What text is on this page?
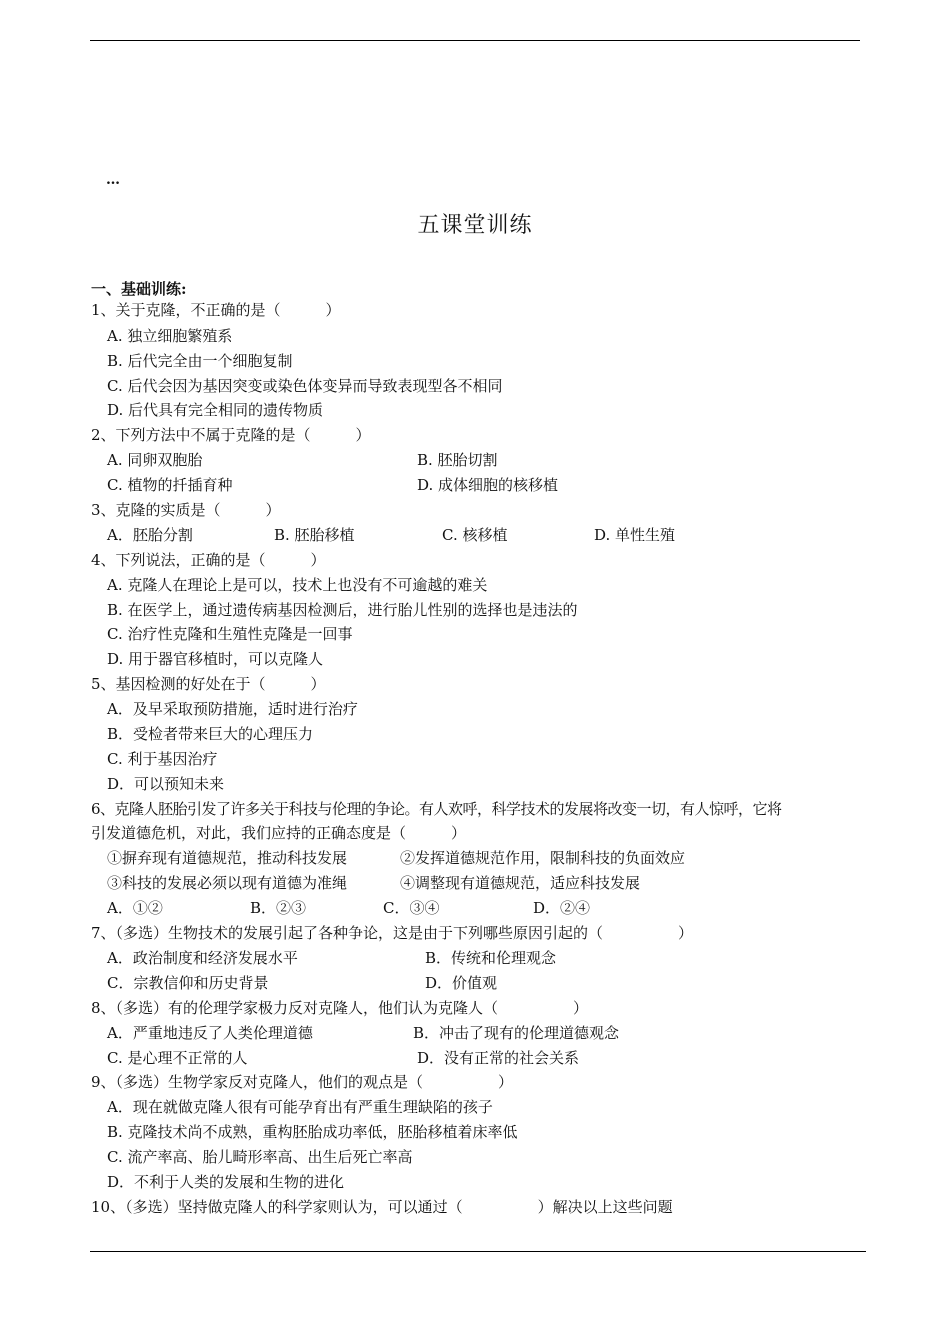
…
五课堂训练
一、基础训练:
1、关于克隆，不正确的是（　　　）
A. 独立细胞繁殖系
B. 后代完全由一个细胞复制
C. 后代会因为基因突变或染色体变异而导致表现型各不相同
D. 后代具有完全相同的遗传物质
2、下列方法中不属于克隆的是（　　　）
A. 同卵双胞胎	B. 胚胎切割
C. 植物的扦插育种	D. 成体细胞的核移植
3、克隆的实质是（　　　）
A．胚胎分割	B. 胚胎移植	C. 核移植	D. 单性生殖
4、下列说法，正确的是（　　　）
A. 克隆人在理论上是可以，技术上也没有不可逾越的难关
B. 在医学上，通过遗传病基因检测后，进行胎儿性别的选择也是违法的
C. 治疗性克隆和生殖性克隆是一回事
D. 用于器官移植时，可以克隆人
5、基因检测的好处在于（　　　）
A．及早采取预防措施，适时进行治疗
B．受检者带来巨大的心理压力
C. 利于基因治疗
D．可以预知未来
6、克隆人胚胎引发了许多关于科技与伦理的争论。有人欢呼，科学技术的发展将改变一切，有人惊呼，它将
引发道德危机，对此，我们应持的正确态度是（　　　）
①摒弃现有道德规范，推动科技发展	②发挥道德规范作用，限制科技的负面效应
③科技的发展必须以现有道德为准绳	④调整现有道德规范，适应科技发展
A．①②	B．②③	C．③④	D．②④
7、（多选）生物技术的发展引起了各种争论，这是由于下列哪些原因引起的（　　　　　）
A．政治制度和经济发展水平	B．传统和伦理观念
C．宗教信仰和历史背景	D．价值观
8、（多选）有的伦理学家极力反对克隆人，他们认为克隆人（　　　　　）
A．严重地违反了人类伦理道德	B．冲击了现有的伦理道德观念
C. 是心理不正常的人	D．没有正常的社会关系
9、（多选）生物学家反对克隆人，他们的观点是（　　　　　）
A．现在就做克隆人很有可能孕育出有严重生理缺陷的孩子
B. 克隆技术尚不成熟，重构胚胎成功率低，胚胎移植着床率低
C. 流产率高、胎儿畸形率高、出生后死亡率高
D．不利于人类的发展和生物的进化
10、（多选）坚持做克隆人的科学家则认为，可以通过（　　　　　）解决以上这些问题
